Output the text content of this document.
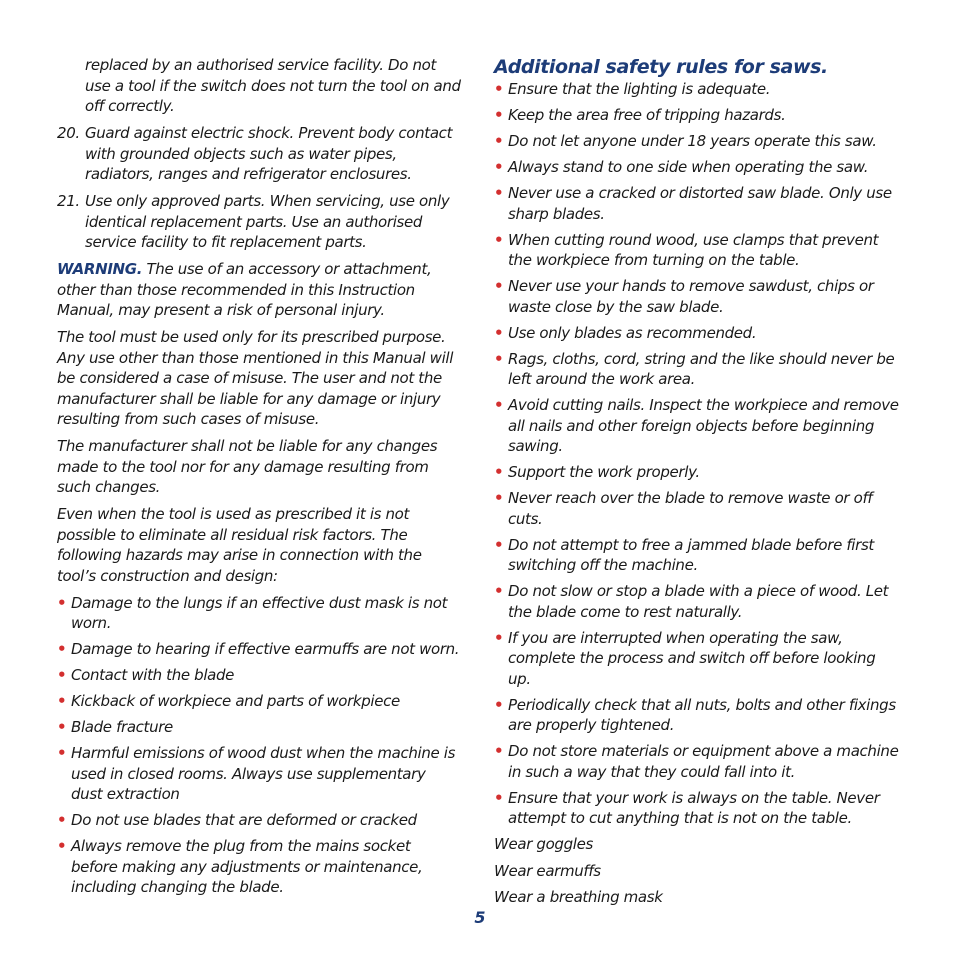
replaced by an authorised service facility. Do not use a tool if the switch does not turn the tool on and off correctly.

20. Guard against electric shock. Prevent body contact with grounded objects such as water pipes, radiators, ranges and refrigerator enclosures.

21. Use only approved parts. When servicing, use only identical replacement parts. Use an authorised service facility to fit replacement parts.

WARNING. The use of an accessory or attachment, other than those recommended in this Instruction Manual, may present a risk of personal injury.

The tool must be used only for its prescribed purpose. Any use other than those mentioned in this Manual will be considered a case of misuse. The user and not the manufacturer shall be liable for any damage or injury resulting from such cases of misuse.

The manufacturer shall not be liable for any changes made to the tool nor for any damage resulting from such changes.

Even when the tool is used as prescribed it is not possible to eliminate all residual risk factors. The following hazards may arise in connection with the tool’s construction and design:

• Damage to the lungs if an effective dust mask is not worn.
• Damage to hearing if effective earmuffs are not worn.
• Contact with the blade
• Kickback of workpiece and parts of workpiece
• Blade fracture
• Harmful emissions of wood dust when the machine is used in closed rooms. Always use supplementary dust extraction
• Do not use blades that are deformed or cracked
• Always remove the plug from the mains socket before making any adjustments or maintenance, including changing the blade.
Additional safety rules for saws.
• Ensure that the lighting is adequate.
• Keep the area free of tripping hazards.
• Do not let anyone under 18 years operate this saw.
• Always stand to one side when operating the saw.
• Never use a cracked or distorted saw blade. Only use sharp blades.
• When cutting round wood, use clamps that prevent the workpiece from turning on the table.
• Never use your hands to remove sawdust, chips or waste close by the saw blade.
• Use only blades as recommended.
• Rags, cloths, cord, string and the like should never be left around the work area.
• Avoid cutting nails. Inspect the workpiece and remove all nails and other foreign objects before beginning sawing.
• Support the work properly.
• Never reach over the blade to remove waste or off cuts.
• Do not attempt to free a jammed blade before first switching off the machine.
• Do not slow or stop a blade with a piece of wood. Let the blade come to rest naturally.
• If you are interrupted when operating the saw, complete the process and switch off before looking up.
• Periodically check that all nuts, bolts and other fixings are properly tightened.
• Do not store materials or equipment above a machine in such a way that they could fall into it.
• Ensure that your work is always on the table. Never attempt to cut anything that is not on the table.

Wear goggles

Wear earmuffs

Wear a breathing mask

5
